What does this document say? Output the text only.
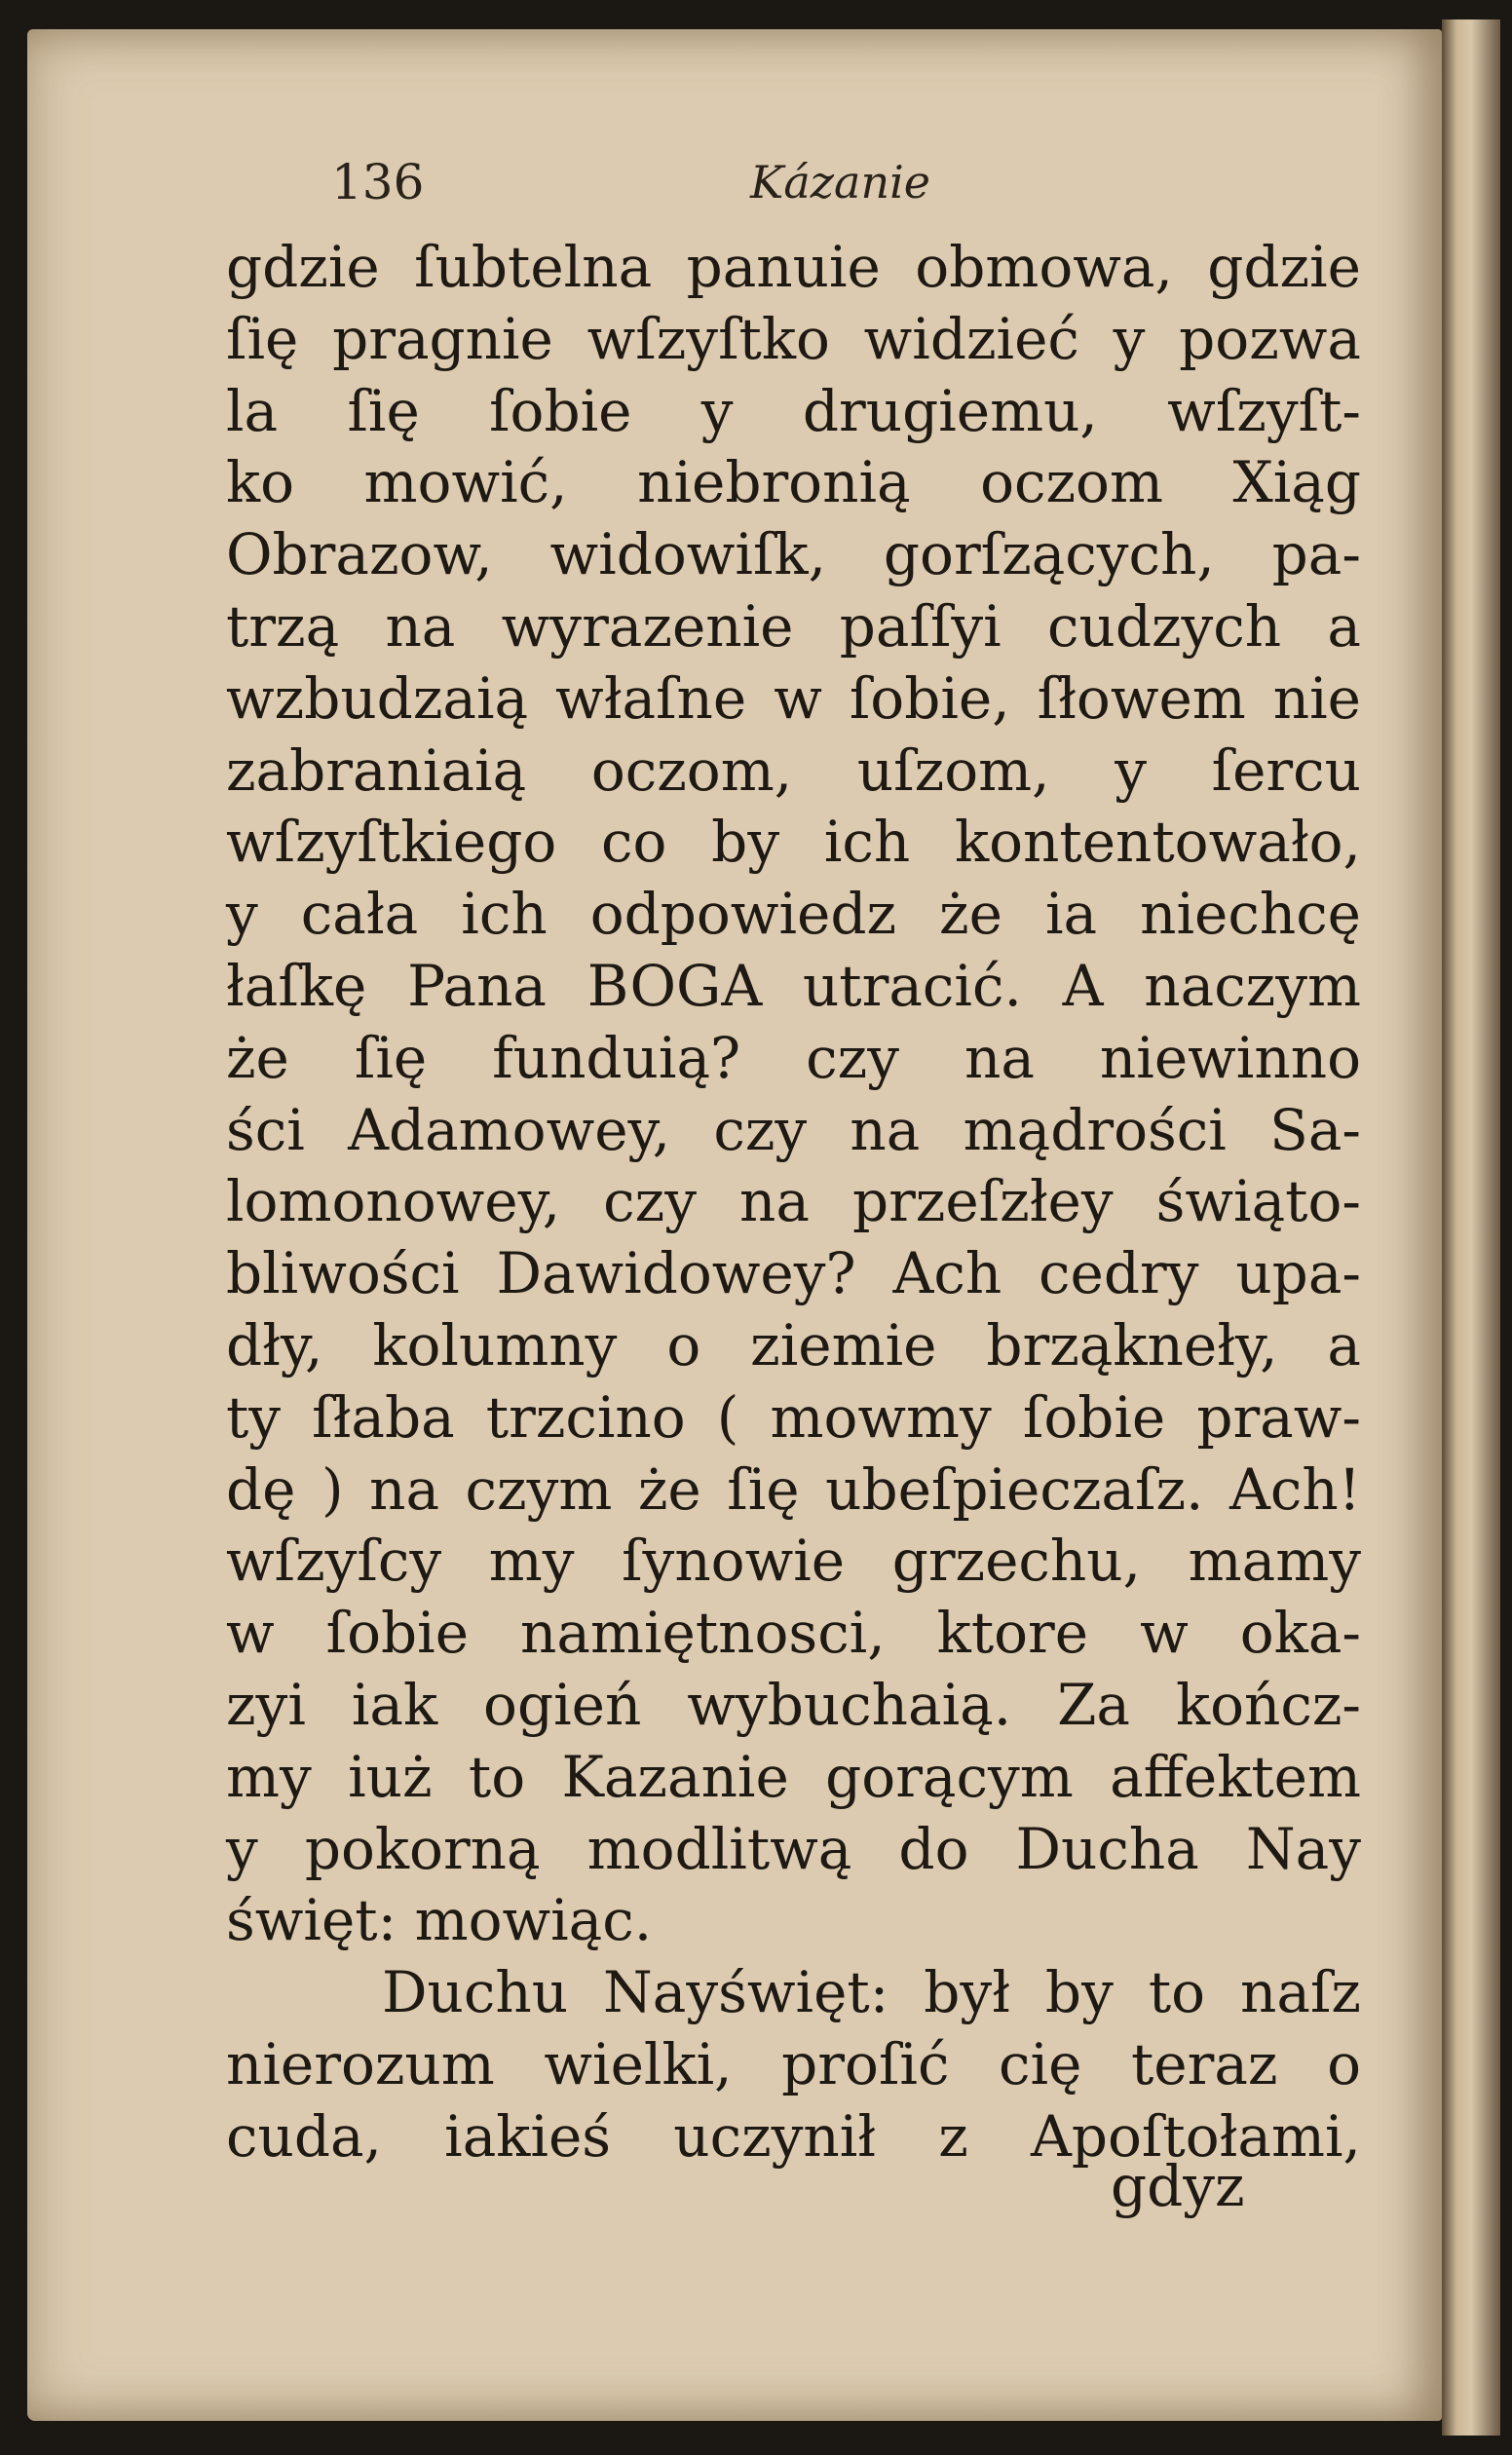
136	Kázanie
gdzie ſubtelna panuie obmowa, gdzie
ſię pragnie wſzyſtko widzieć y pozwa
la ſię ſobie y drugiemu, wſzyſt-
ko mowić, niebronią oczom Xiąg
Obrazow, widowiſk, gorſzących, pa-
trzą na wyrazenie paſſyi cudzych a
wzbudzaią właſne w ſobie, ſłowem nie
zabraniaią oczom, uſzom, y ſercu
wſzyſtkiego co by ich kontentowało,
y cała ich odpowiedz że ia niechcę
łaſkę Pana BOGA utracić. A naczym
że ſię funduią? czy na niewinno
ści Adamowey, czy na mądrości Sa-
lomonowey, czy na przeſzłey świąto-
bliwości Dawidowey? Ach cedry upa-
dły, kolumny o ziemie brząkneły, a
ty ſłaba trzcino ( mowmy ſobie praw-
dę ) na czym że ſię ubeſpieczaſz. Ach!
wſzyſcy my ſynowie grzechu, mamy
w ſobie namiętnosci, ktore w oka-
zyi iak ogień wybuchaią. Za kończ-
my iuż to Kazanie gorącym affektem
y pokorną modlitwą do Ducha Nay
święt: mowiąc.
Duchu Nayświęt: był by to naſz
nierozum wielki, proſić cię teraz o
cuda, iakieś uczynił z Apoſtołami,
gdyz
